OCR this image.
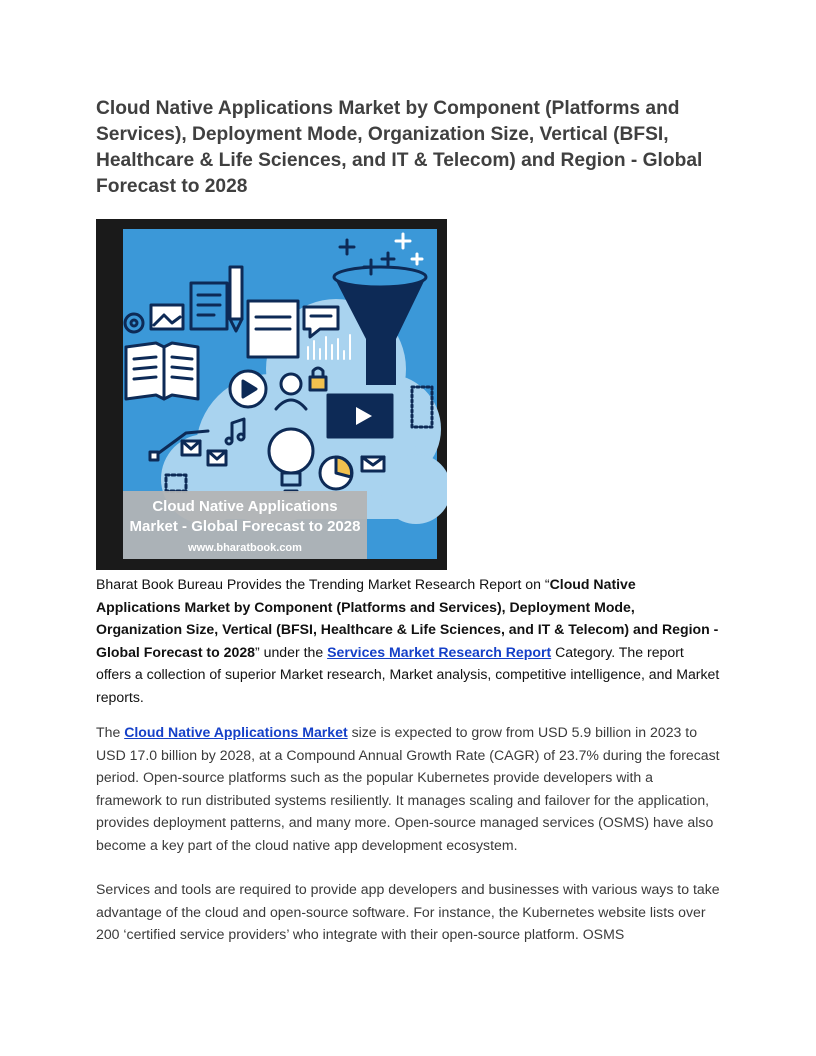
Cloud Native Applications Market by Component (Platforms and Services), Deployment Mode, Organization Size, Vertical (BFSI, Healthcare & Life Sciences, and IT & Telecom) and Region - Global Forecast to 2028
Cloud Native Applications
Market - Global Forecast to 2028
www.bharatbook.com

Bharat Book Bureau Provides the Trending Market Research Report on “Cloud Native Applications Market by Component (Platforms and Services), Deployment Mode, Organization Size, Vertical (BFSI, Healthcare & Life Sciences, and IT & Telecom) and Region - Global Forecast to 2028” under the Services Market Research Report Category. The report offers a collection of superior Market research, Market analysis, competitive intelligence, and Market reports.

The Cloud Native Applications Market size is expected to grow from USD 5.9 billion in 2023 to USD 17.0 billion by 2028, at a Compound Annual Growth Rate (CAGR) of 23.7% during the forecast period. Open-source platforms such as the popular Kubernetes provide developers with a framework to run distributed systems resiliently. It manages scaling and failover for the application, provides deployment patterns, and many more. Open-source managed services (OSMS) have also become a key part of the cloud native app development ecosystem.

Services and tools are required to provide app developers and businesses with various ways to take advantage of the cloud and open-source software. For instance, the Kubernetes website lists over 200 ‘certified service providers’ who integrate with their open-source platform. OSMS
